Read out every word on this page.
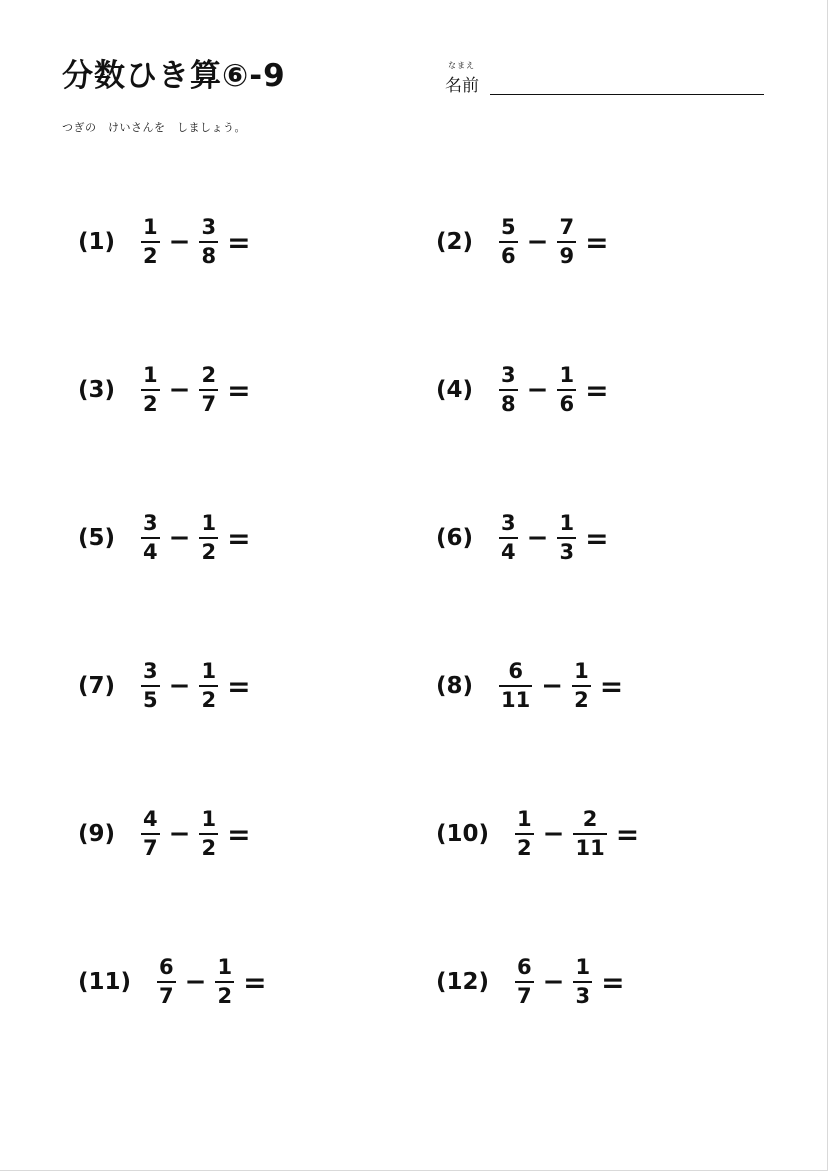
分数ひき算⑥-9	なまえ
名前
つぎの　けいさんを　しましょう。
$(1) \frac{1}{2} - \frac{3}{8}$ =	$(2) \frac{5}{6} - \frac{7}{9}$ =
$(3) \frac{1}{2} - \frac{2}{7}$ =	$(4) \frac{3}{8} - \frac{1}{6}$ =
$(5) \frac{3}{4} - \frac{1}{2}$ =	$(6) \frac{3}{4} - \frac{1}{3}$ =
$(7) \frac{3}{5} - \frac{1}{2}$ =	$(8) \frac{6}{11} - \frac{1}{2}$ =
$(9) \frac{4}{7} - \frac{1}{2}$ =	$(10) \frac{1}{2} - \frac{2}{11}$ =
$(11) \frac{6}{7} - \frac{1}{2}$ =	$(12) \frac{6}{7} - \frac{1}{3}$ =
